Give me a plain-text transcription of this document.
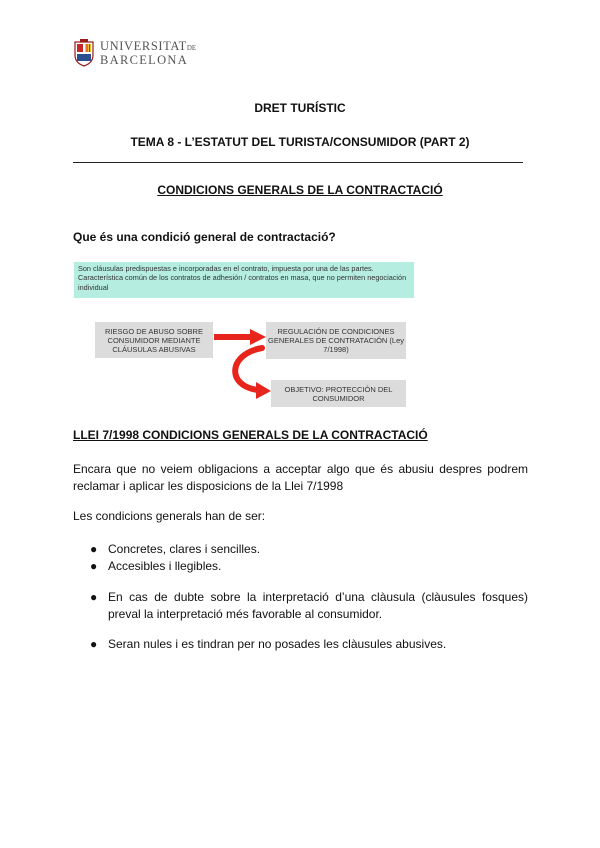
UNIVERSITATDE
BARCELONA
DRET TURÍSTIC
TEMA 8 - L’ESTATUT DEL TURISTA/CONSUMIDOR (PART 2)
CONDICIONS GENERALS DE LA CONTRACTACIÓ
Que és una condició general de contractació?
Son cláusulas predispuestas e incorporadas en el contrato, impuesta por una de las partes. Característica común de los contratos de adhesión / contratos en masa, que no permiten negociación individual
RIESGO DE ABUSO SOBRE CONSUMIDOR MEDIANTE CLÁUSULAS ABUSIVAS
REGULACIÓN DE CONDICIONES GENERALES DE CONTRATACIÓN (Ley 7/1998)
OBJETIVO: PROTECCIÓN DEL CONSUMIDOR
LLEI 7/1998 CONDICIONS GENERALS DE LA CONTRACTACIÓ
Encara que no veiem obligacions a acceptar algo que és abusiu despres podrem reclamar i aplicar les disposicions de la Llei 7/1998
Les condicions generals han de ser:
● Concretes, clares i sencilles.
● Accesibles i llegibles.
● En cas de dubte sobre la interpretació d’una clàusula (clàusules fosques) preval la interpretació més favorable al consumidor.
● Seran nules i es tindran per no posades les clàusules abusives.
